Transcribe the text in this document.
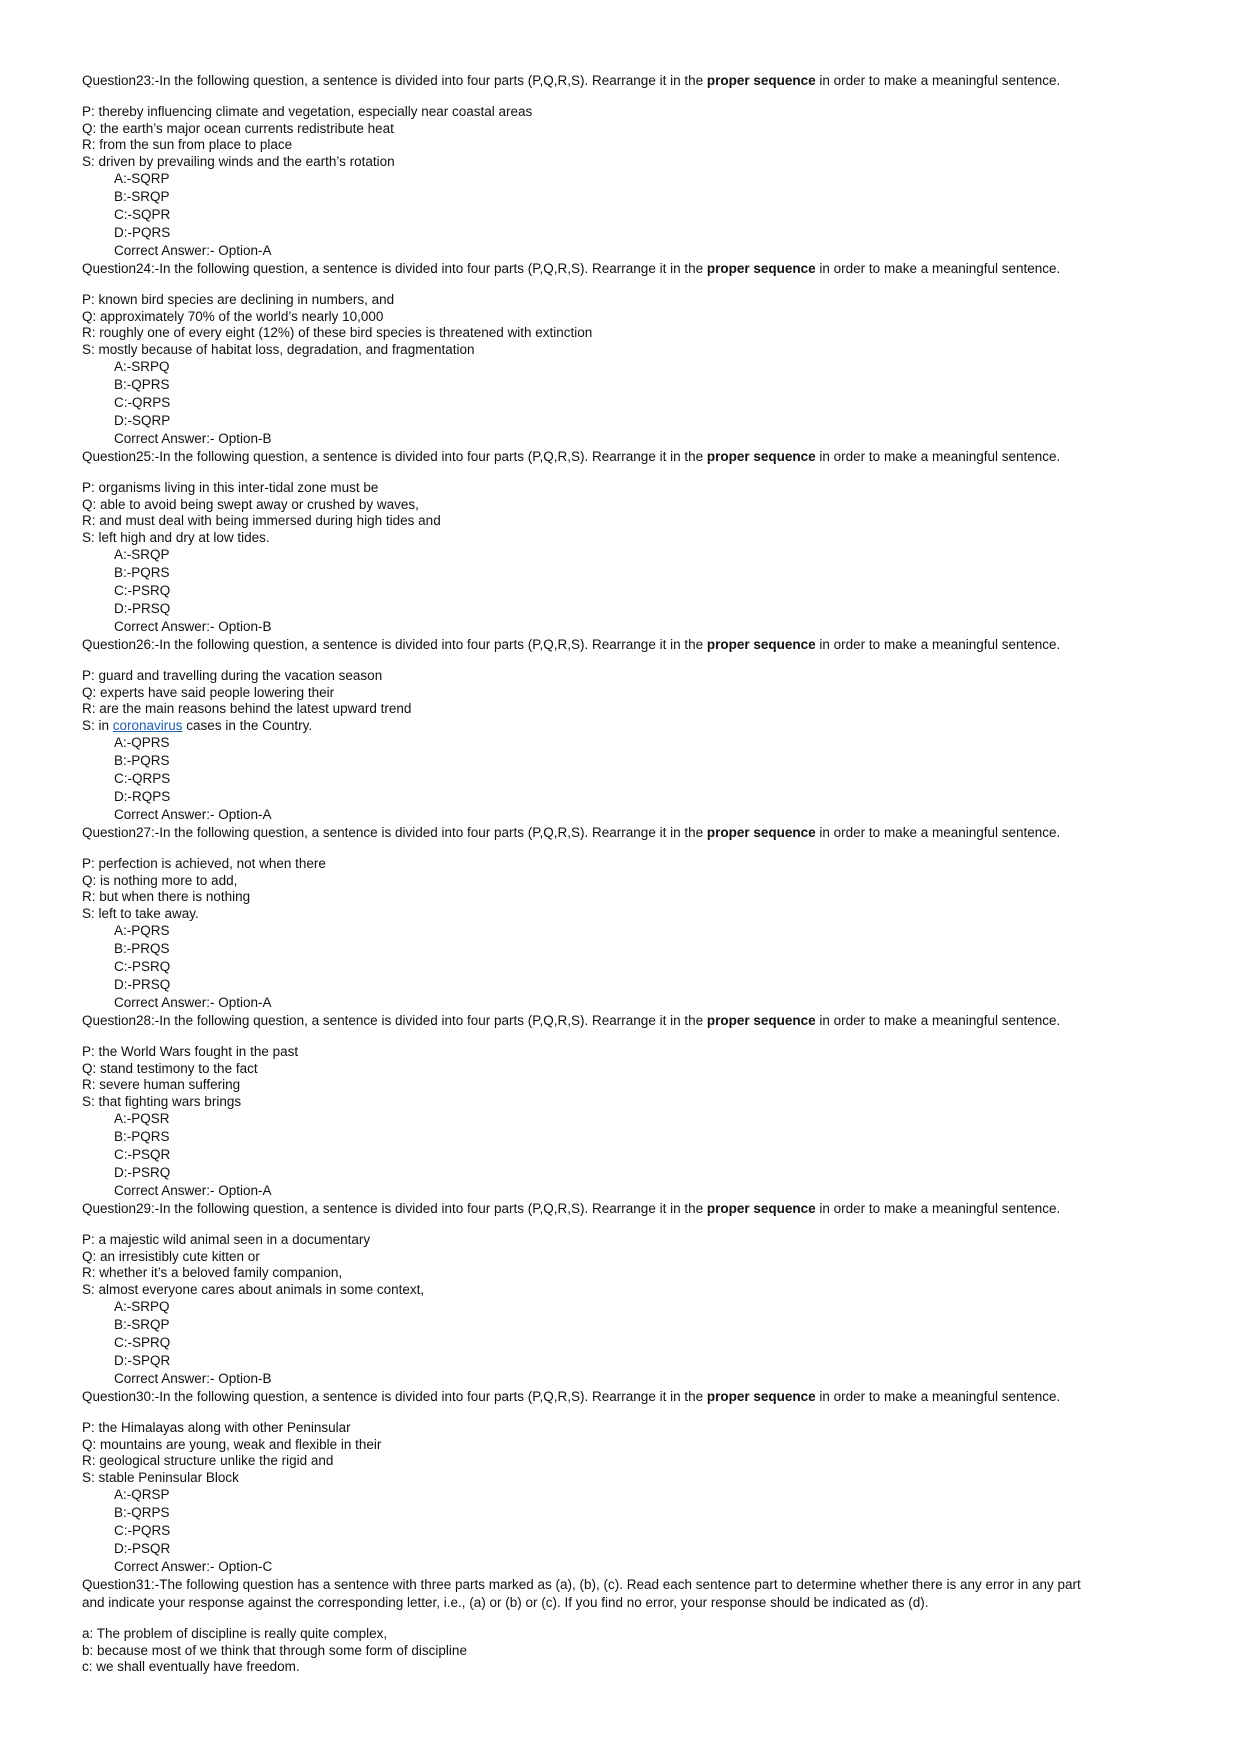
Question23:-In the following question, a sentence is divided into four parts (P,Q,R,S). Rearrange it in the proper sequence in order to make a meaningful sentence.
P: thereby influencing climate and vegetation, especially near coastal areas
Q: the earth’s major ocean currents redistribute heat
R: from the sun from place to place
S: driven by prevailing winds and the earth’s rotation
A:-SQRP
B:-SRQP
C:-SQPR
D:-PQRS
Correct Answer:- Option-A
Question24:-In the following question, a sentence is divided into four parts (P,Q,R,S). Rearrange it in the proper sequence in order to make a meaningful sentence.
P: known bird species are declining in numbers, and
Q: approximately 70% of the world’s nearly 10,000
R: roughly one of every eight (12%) of these bird species is threatened with extinction
S: mostly because of habitat loss, degradation, and fragmentation
A:-SRPQ
B:-QPRS
C:-QRPS
D:-SQRP
Correct Answer:- Option-B
Question25:-In the following question, a sentence is divided into four parts (P,Q,R,S). Rearrange it in the proper sequence in order to make a meaningful sentence.
P: organisms living in this inter-tidal zone must be
Q: able to avoid being swept away or crushed by waves,
R: and must deal with being immersed during high tides and
S: left high and dry at low tides.
A:-SRQP
B:-PQRS
C:-PSRQ
D:-PRSQ
Correct Answer:- Option-B
Question26:-In the following question, a sentence is divided into four parts (P,Q,R,S). Rearrange it in the proper sequence in order to make a meaningful sentence.
P: guard and travelling during the vacation season
Q: experts have said people lowering their
R: are the main reasons behind the latest upward trend
S: in coronavirus cases in the Country.
A:-QPRS
B:-PQRS
C:-QRPS
D:-RQPS
Correct Answer:- Option-A
Question27:-In the following question, a sentence is divided into four parts (P,Q,R,S). Rearrange it in the proper sequence in order to make a meaningful sentence.
P: perfection is achieved, not when there
Q: is nothing more to add,
R: but when there is nothing
S: left to take away.
A:-PQRS
B:-PRQS
C:-PSRQ
D:-PRSQ
Correct Answer:- Option-A
Question28:-In the following question, a sentence is divided into four parts (P,Q,R,S). Rearrange it in the proper sequence in order to make a meaningful sentence.
P: the World Wars fought in the past
Q: stand testimony to the fact
R: severe human suffering
S: that fighting wars brings
A:-PQSR
B:-PQRS
C:-PSQR
D:-PSRQ
Correct Answer:- Option-A
Question29:-In the following question, a sentence is divided into four parts (P,Q,R,S). Rearrange it in the proper sequence in order to make a meaningful sentence.
P: a majestic wild animal seen in a documentary
Q: an irresistibly cute kitten or
R: whether it’s a beloved family companion,
S: almost everyone cares about animals in some context,
A:-SRPQ
B:-SRQP
C:-SPRQ
D:-SPQR
Correct Answer:- Option-B
Question30:-In the following question, a sentence is divided into four parts (P,Q,R,S). Rearrange it in the proper sequence in order to make a meaningful sentence.
P: the Himalayas along with other Peninsular
Q: mountains are young, weak and flexible in their
R: geological structure unlike the rigid and
S: stable Peninsular Block
A:-QRSP
B:-QRPS
C:-PQRS
D:-PSQR
Correct Answer:- Option-C
Question31:-The following question has a sentence with three parts marked as (a), (b), (c). Read each sentence part to determine whether there is any error in any part
and indicate your response against the corresponding letter, i.e., (a) or (b) or (c). If you find no error, your response should be indicated as (d).
a: The problem of discipline is really quite complex,
b: because most of we think that through some form of discipline
c: we shall eventually have freedom.
